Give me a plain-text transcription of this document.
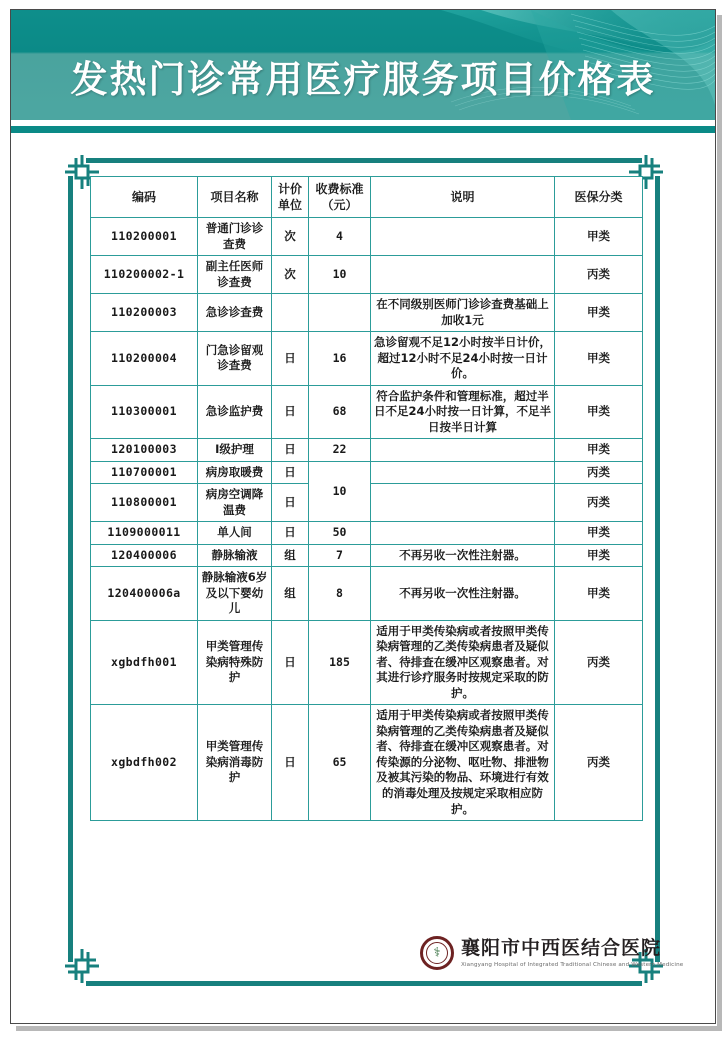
发热门诊常用医疗服务项目价格表
编码	项目名称	计价单位	收费标准（元）	说明	医保分类
110200001	普通门诊诊查费	次	4		甲类
110200002-1	副主任医师诊查费	次	10		丙类
110200003	急诊诊查费			在不同级别医师门诊诊查费基础上加收1元	甲类
110200004	门急诊留观诊查费	日	16	急诊留观不足12小时按半日计价，超过12小时不足24小时按一日计价。	甲类
110300001	急诊监护费	日	68	符合监护条件和管理标准，超过半日不足24小时按一日计算，不足半日按半日计算	甲类
120100003	Ⅰ级护理	日	22		甲类
110700001	病房取暖费	日	10		丙类
110800001	病房空调降温费	日			丙类
1109000011	单人间	日	50		甲类
120400006	静脉输液	组	7	不再另收一次性注射器。	甲类
120400006a	静脉输液6岁及以下婴幼儿	组	8	不再另收一次性注射器。	甲类
xgbdfh001	甲类管理传染病特殊防护	日	185	适用于甲类传染病或者按照甲类传染病管理的乙类传染病患者及疑似者、待排查在缓冲区观察患者。对其进行诊疗服务时按规定采取的防护。	丙类
xgbdfh002	甲类管理传染病消毒防护	日	65	适用于甲类传染病或者按照甲类传染病管理的乙类传染病患者及疑似者、待排查在缓冲区观察患者。对传染源的分泌物、呕吐物、排泄物及被其污染的物品、环境进行有效的消毒处理及按规定采取相应防护。	丙类
⚕ 襄阳市中西医结合医院
Xiangyang Hospital of Integrated Traditional Chinese and Western Medicine
